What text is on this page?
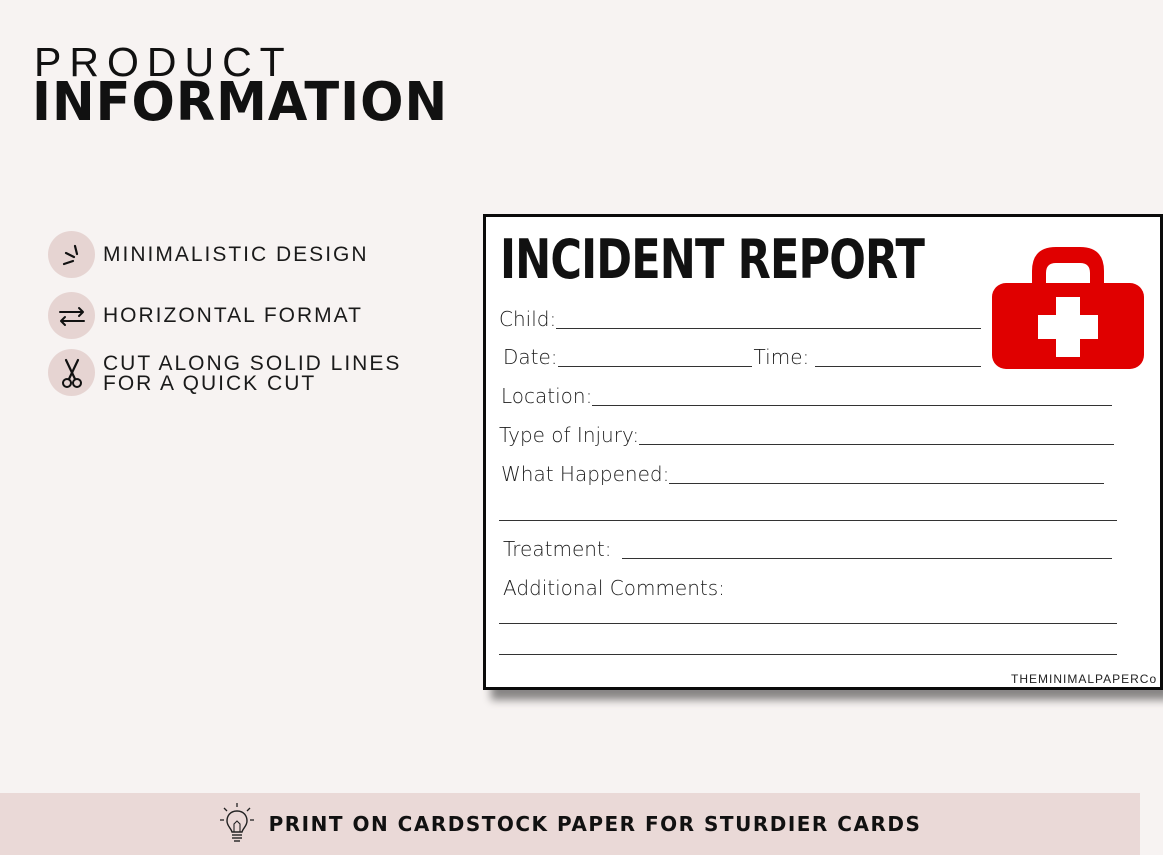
PRODUCT
INFORMATION
MINIMALISTIC DESIGN
HORIZONTAL FORMAT
CUT ALONG SOLID LINES
FOR A QUICK CUT
INCIDENT REPORT
Child:
Date:	Time:
Location:
Type of Injury:
What Happened:
Treatment:
Additional Comments:
THEMINIMALPAPERCo
PRINT ON CARDSTOCK PAPER FOR STURDIER CARDS
